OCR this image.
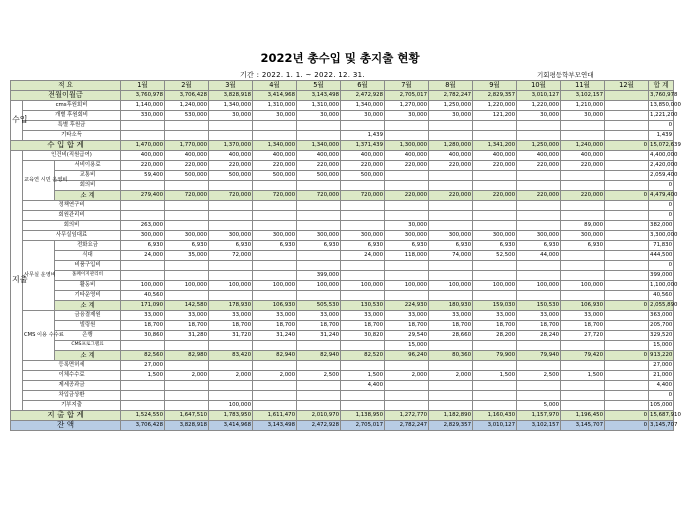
2022년 총수입 및 총지출 현황
기간 : 2022. 1. 1. ~ 2022. 12. 31.	기회평등학부모연대
적 요			1월	2월	3월	4월	5월	6월	7월	8월	9월	10월	11월	12월	합 계
전월이월금			3,760,978	3,706,428	3,828,918	3,414,968	3,143,498	2,472,928	2,705,017	2,782,247	2,829,357	3,010,127	3,102,157		3,760,978
수입	cms후원회비		1,140,000	1,240,000	1,340,000	1,310,000	1,310,000	1,340,000	1,270,000	1,250,000	1,220,000	1,220,000	1,210,000		13,850,000
	개별 후원회비		330,000	530,000	30,000	30,000	30,000	30,000	30,000	30,000	121,200	30,000	30,000		1,221,200
	특별 후원금														0
	기타소득							1,439							1,439
수 입 합 계			1,470,000	1,770,000	1,370,000	1,340,000	1,340,000	1,371,439	1,300,000	1,280,000	1,341,200	1,250,000	1,240,000	0	15,072,639
지출	인건비(직원급여)		400,000	400,000	400,000	400,000	400,000	400,000	400,000	400,000	400,000	400,000	400,000		4,400,000
	교육연 시민 운영비	서비이용료	220,000	220,000	220,000	220,000	220,000	220,000	220,000	220,000	220,000	220,000	220,000		2,420,000
		교통비	59,400	500,000	500,000	500,000	500,000	500,000							2,059,400
		회의비													0
		소 계	279,400	720,000	720,000	720,000	720,000	720,000	220,000	220,000	220,000	220,000	220,000	0	4,479,400
	정책연구비														0
	회원관리비														0
	회의비		263,000						30,000				89,000		382,000
	사무실임대료		300,000	300,000	300,000	300,000	300,000	300,000	300,000	300,000	300,000	300,000	300,000		3,300,000
	사무실 운영비	전화요금	6,930	6,930	6,930	6,930	6,930	6,930	6,930	6,930	6,930	6,930	6,930		71,830
		식대	24,000	35,000	72,000			24,000	118,000	74,000	52,500	44,000			444,500
		비품구입비													0
		홈페이지관리비					399,000								399,000
		활동비	100,000	100,000	100,000	100,000	100,000	100,000	100,000	100,000	100,000	100,000	100,000		1,100,000
		기타운영비	40,560												40,560
		소 계	171,090	142,580	178,930	106,930	505,530	130,530	224,930	180,930	159,030	150,530	106,930	0	2,055,890
	CMS 이용 수수료	금융결제원	33,000	33,000	33,000	33,000	33,000	33,000	33,000	33,000	33,000	33,000	33,000		363,000
		빌링원	18,700	18,700	18,700	18,700	18,700	18,700	18,700	18,700	18,700	18,700	18,700		205,700
		은행	30,860	31,280	31,720	31,240	31,240	30,820	29,540	28,660	28,200	28,240	27,720		329,520
		CMS프로그램료							15,000						15,000
		소 계	82,560	82,980	83,420	82,940	82,940	82,520	96,240	80,360	79,900	79,940	79,420	0	913,220
	등록면허세		27,000												27,000
	이체수수료		1,500	2,000	2,000	2,000	2,500	1,500	2,000	2,000	1,500	2,500	1,500		21,000
	제세공과금							4,400							4,400
	차입금상환														0
	기부지출				100,000							5,000			105,000
지 출 합 계			1,524,550	1,647,510	1,783,950	1,611,470	2,010,970	1,138,950	1,272,770	1,182,890	1,160,430	1,157,970	1,196,450	0	15,687,910
잔 액			3,706,428	3,828,918	3,414,968	3,143,498	2,472,928	2,705,017	2,782,247	2,829,357	3,010,127	3,102,157	3,145,707	0	3,145,707
